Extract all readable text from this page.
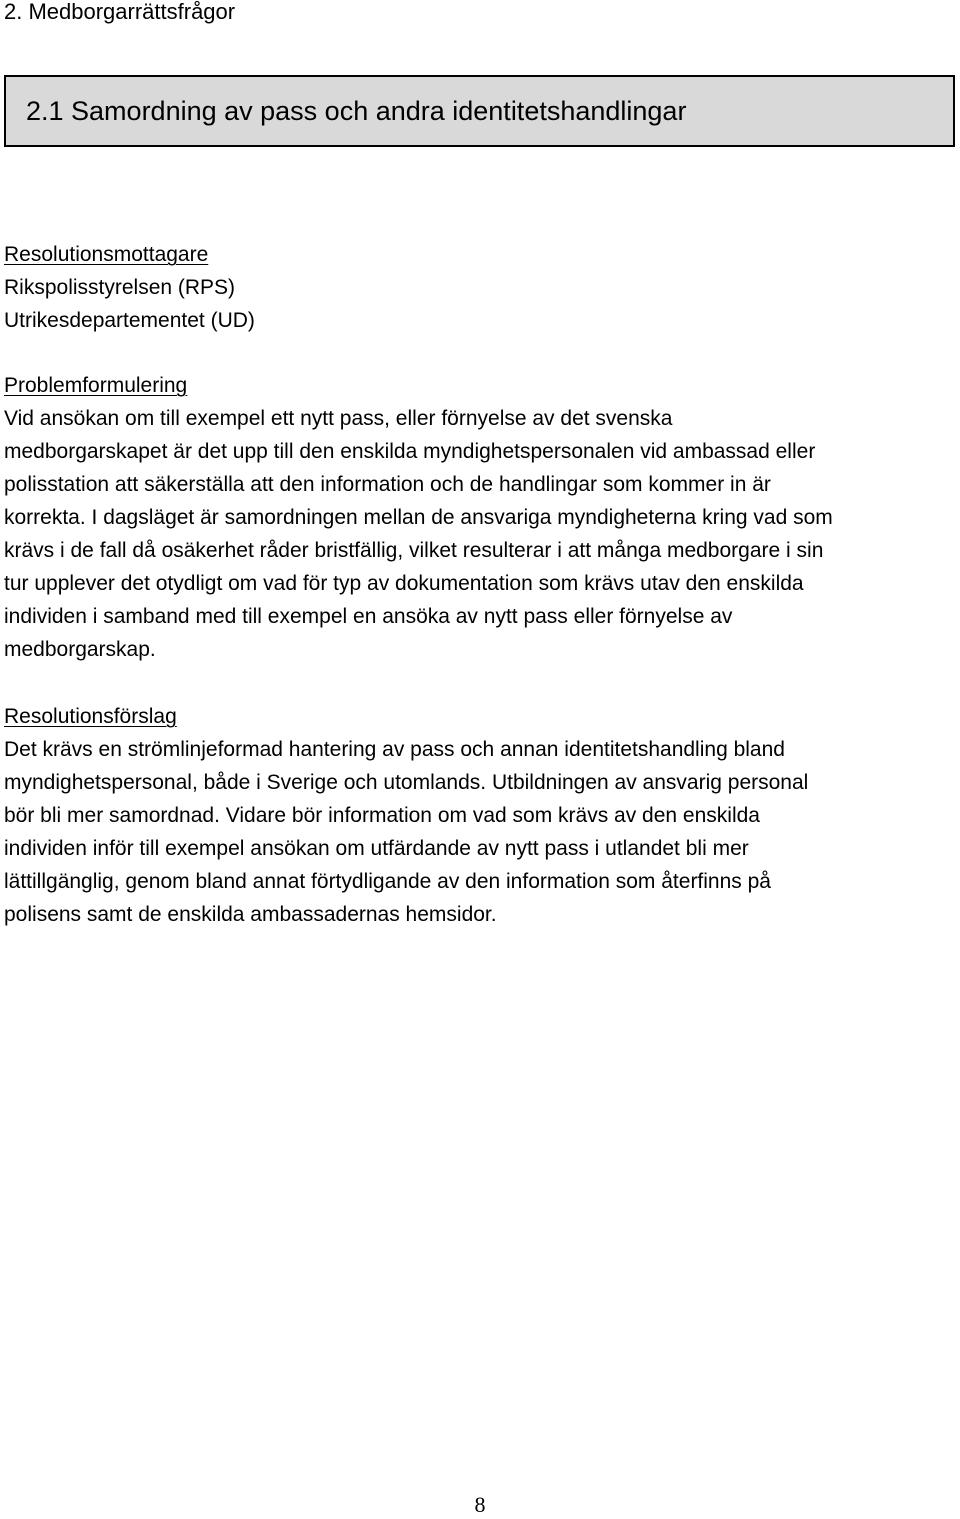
2. Medborgarrättsfrågor
2.1 Samordning av pass och andra identitetshandlingar
Resolutionsmottagare
Rikspolisstyrelsen (RPS)
Utrikesdepartementet (UD)
Problemformulering
Vid ansökan om till exempel ett nytt pass, eller förnyelse av det svenska
medborgarskapet är det upp till den enskilda myndighetspersonalen vid ambassad eller
polisstation att säkerställa att den information och de handlingar som kommer in är
korrekta. I dagsläget är samordningen mellan de ansvariga myndigheterna kring vad som
krävs i de fall då osäkerhet råder bristfällig, vilket resulterar i att många medborgare i sin
tur upplever det otydligt om vad för typ av dokumentation som krävs utav den enskilda
individen i samband med till exempel en ansöka av nytt pass eller förnyelse av
medborgarskap.
Resolutionsförslag
Det krävs en strömlinjeformad hantering av pass och annan identitetshandling bland
myndighetspersonal, både i Sverige och utomlands. Utbildningen av ansvarig personal
bör bli mer samordnad. Vidare bör information om vad som krävs av den enskilda
individen inför till exempel ansökan om utfärdande av nytt pass i utlandet bli mer
lättillgänglig, genom bland annat förtydligande av den information som återfinns på
polisens samt de enskilda ambassadernas hemsidor.
8
